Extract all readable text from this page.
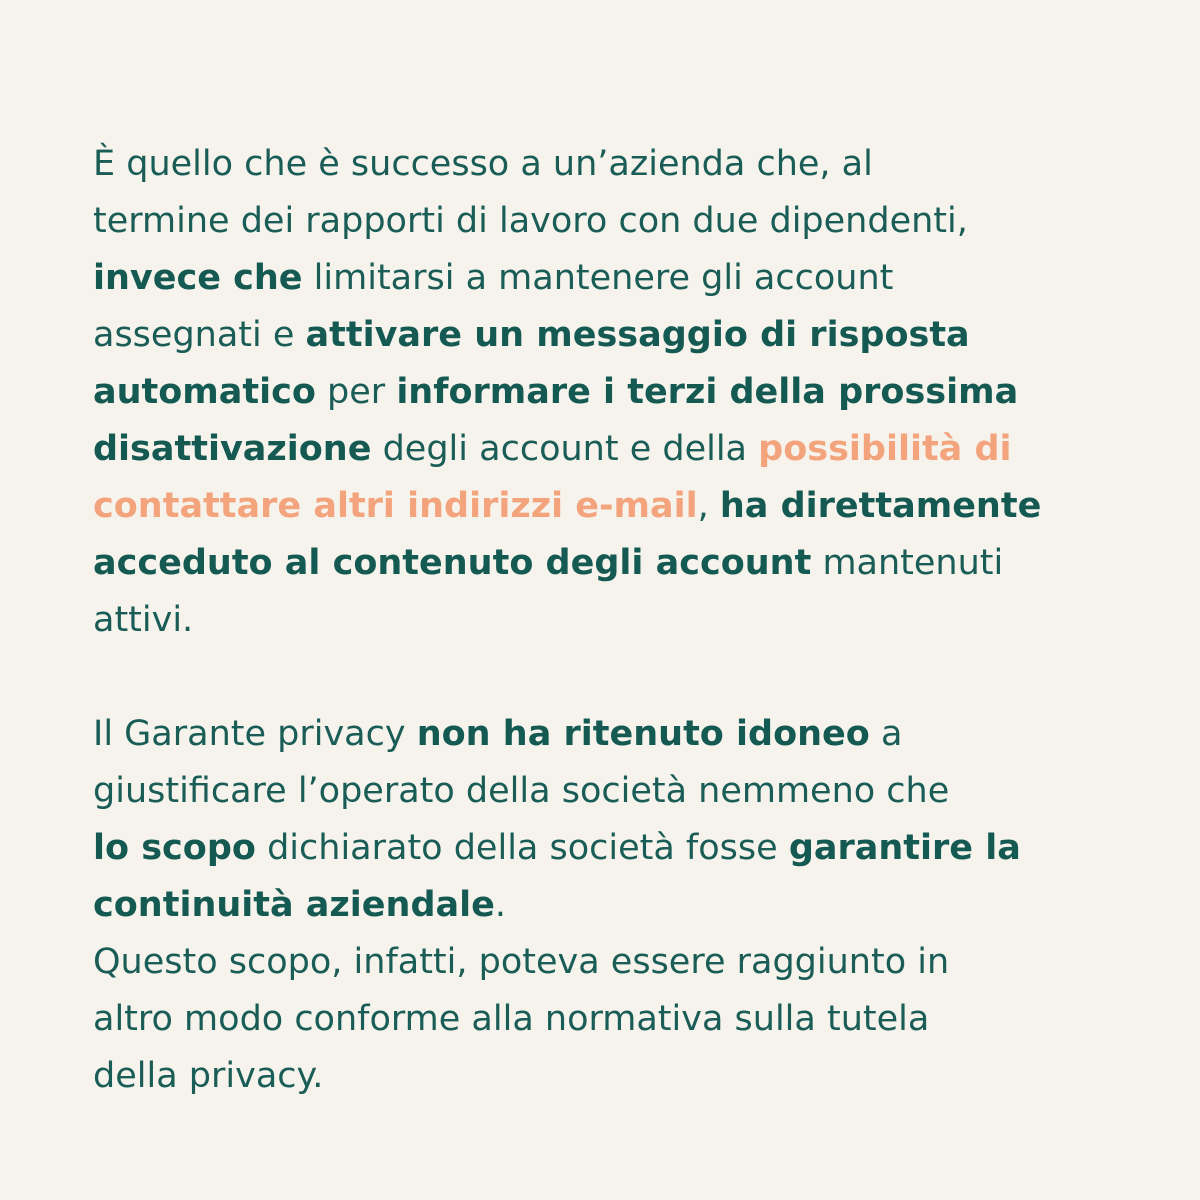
È quello che è successo a un’azienda che, al
termine dei rapporti di lavoro con due dipendenti,
invece che limitarsi a mantenere gli account
assegnati e attivare un messaggio di risposta
automatico per informare i terzi della prossima
disattivazione degli account e della possibilità di
contattare altri indirizzi e-mail, ha direttamente
acceduto al contenuto degli account mantenuti
attivi.

Il Garante privacy non ha ritenuto idoneo a
giustificare l’operato della società nemmeno che
lo scopo dichiarato della società fosse garantire la
continuità aziendale.
Questo scopo, infatti, poteva essere raggiunto in
altro modo conforme alla normativa sulla tutela
della privacy.
